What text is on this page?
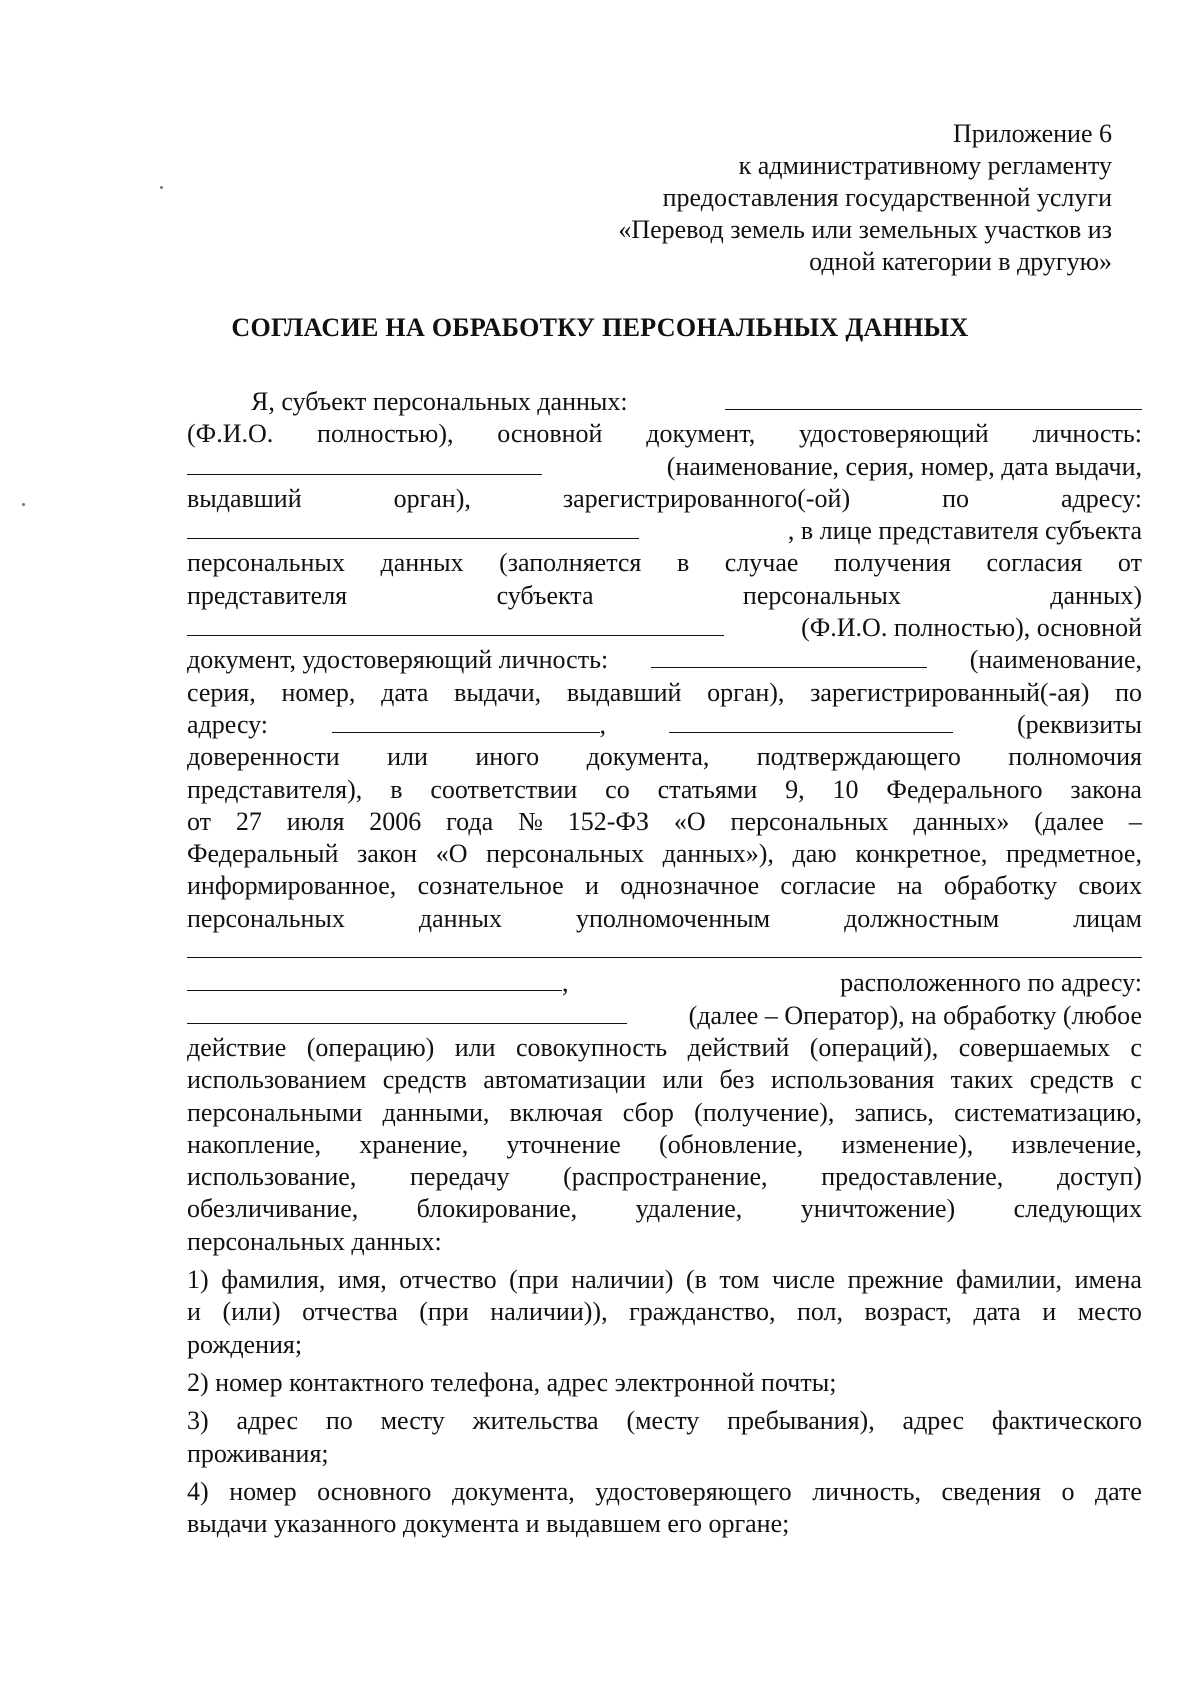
Приложение 6
к административному регламенту
предоставления государственной услуги
«Перевод земель или земельных участков из
одной категории в другую»
СОГЛАСИЕ НА ОБРАБОТКУ ПЕРСОНАЛЬНЫХ ДАННЫХ
Я, субъект персональных данных:
(Ф.И.О. полностью), основной документ, удостоверяющий личность:
(наименование, серия, номер, дата выдачи,
выдавший	орган),	зарегистрированного(-ой)	по	адресу:
, в лице представителя субъекта
персональных данных (заполняется в случае получения согласия от
представителя	субъекта	персональных	данных)
(Ф.И.О. полностью), основной
документ, удостоверяющий личность:	(наименование,
серия, номер, дата выдачи, выдавший орган), зарегистрированный(-ая) по
адресу:	,	(реквизиты
доверенности или иного документа, подтверждающего полномочия
представителя), в соответствии со статьями 9, 10 Федерального закона
от 27 июля 2006 года № 152-ФЗ «О персональных данных» (далее –
Федеральный закон «О персональных данных»), даю конкретное, предметное,
информированное, сознательное и однозначное согласие на обработку своих
персональных	данных	уполномоченным	должностным	лицам
,	расположенного по адресу:
(далее – Оператор), на обработку (любое
действие (операцию) или совокупность действий (операций), совершаемых с
использованием средств автоматизации или без использования таких средств с
персональными данными, включая сбор (получение), запись, систематизацию,
накопление, хранение, уточнение (обновление, изменение), извлечение,
использование, передачу (распространение, предоставление, доступ)
обезличивание, блокирование, удаление, уничтожение) следующих
персональных данных:
1) фамилия, имя, отчество (при наличии) (в том числе прежние фамилии, имена
и (или) отчества (при наличии)), гражданство, пол, возраст, дата и место
рождения;
2) номер контактного телефона, адрес электронной почты;
3) адрес по месту жительства (месту пребывания), адрес фактического
проживания;
4) номер основного документа, удостоверяющего личность, сведения о дате
выдачи указанного документа и выдавшем его органе;
